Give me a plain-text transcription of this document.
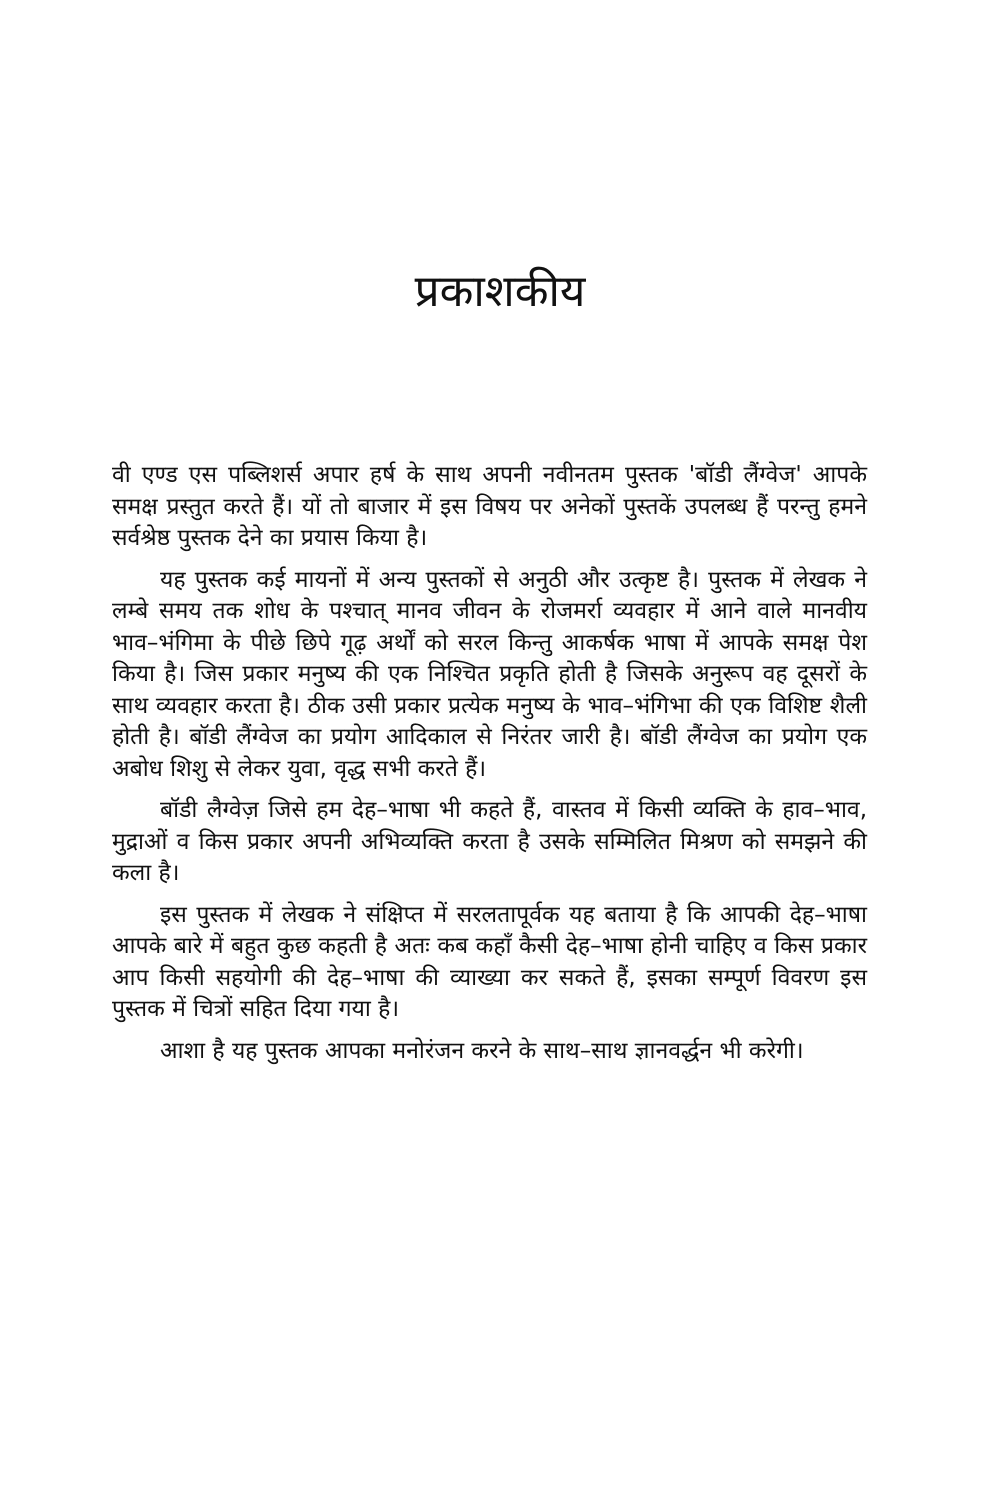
प्रकाशकीय

वी एण्ड एस पब्लिशर्स अपार हर्ष के साथ अपनी नवीनतम पुस्तक 'बॉडी लैंग्वेज' आपके समक्ष प्रस्तुत करते हैं। यों तो बाजार में इस विषय पर अनेकों पुस्तकें उपलब्ध हैं परन्तु हमने सर्वश्रेष्ठ पुस्तक देने का प्रयास किया है।

यह पुस्तक कई मायनों में अन्य पुस्तकों से अनुठी और उत्कृष्ट है। पुस्तक में लेखक ने लम्बे समय तक शोध के पश्चात् मानव जीवन के रोजमर्रा व्यवहार में आने वाले मानवीय भाव–भंगिमा के पीछे छिपे गूढ़ अर्थों को सरल किन्तु आकर्षक भाषा में आपके समक्ष पेश किया है। जिस प्रकार मनुष्य की एक निश्चित प्रकृति होती है जिसके अनुरूप वह दूसरों के साथ व्यवहार करता है। ठीक उसी प्रकार प्रत्येक मनुष्य के भाव–भंगिभा की एक विशिष्ट शैली होती है। बॉडी लैंग्वेज का प्रयोग आदिकाल से निरंतर जारी है। बॉडी लैंग्वेज का प्रयोग एक अबोध शिशु से लेकर युवा, वृद्ध सभी करते हैं।

बॉडी लैग्वेज़ जिसे हम देह–भाषा भी कहते हैं, वास्तव में किसी व्यक्ति के हाव–भाव, मुद्राओं व किस प्रकार अपनी अभिव्यक्ति करता है उसके सम्मिलित मिश्रण को समझने की कला है।

इस पुस्तक में लेखक ने संक्षिप्त में सरलतापूर्वक यह बताया है कि आपकी देह–भाषा आपके बारे में बहुत कुछ कहती है अतः कब कहाँ कैसी देह–भाषा होनी चाहिए व किस प्रकार आप किसी सहयोगी की देह–भाषा की व्याख्या कर सकते हैं, इसका सम्पूर्ण विवरण इस पुस्तक में चित्रों सहित दिया गया है।

आशा है यह पुस्तक आपका मनोरंजन करने के साथ–साथ ज्ञानवर्द्धन भी करेगी।
